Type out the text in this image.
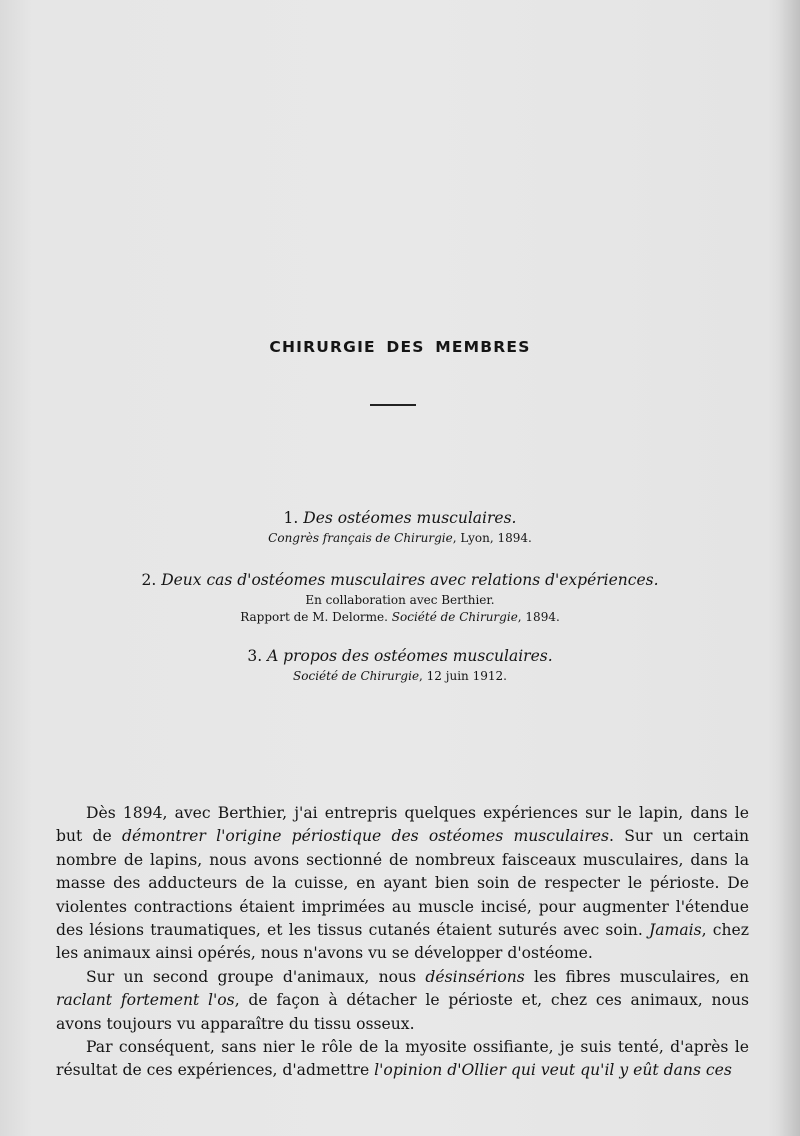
CHIRURGIE DES MEMBRES

1. Des ostéomes musculaires.

Congrès français de Chirurgie, Lyon, 1894.

2. Deux cas d'ostéomes musculaires avec relations d'expériences.

En collaboration avec Berthier.

Rapport de M. Delorme. Société de Chirurgie, 1894.

3. A propos des ostéomes musculaires.

Société de Chirurgie, 12 juin 1912.

Dès 1894, avec Berthier, j'ai entrepris quelques expériences sur le lapin, dans le but de démontrer l'origine périostique des ostéomes musculaires. Sur un certain nombre de lapins, nous avons sectionné de nombreux faisceaux musculaires, dans la masse des adducteurs de la cuisse, en ayant bien soin de respecter le périoste. De violentes contractions étaient imprimées au muscle incisé, pour augmenter l'étendue des lésions traumatiques, et les tissus cutanés étaient suturés avec soin. Jamais, chez les animaux ainsi opérés, nous n'avons vu se développer d'ostéome.

Sur un second groupe d'animaux, nous désinsérions les fibres musculaires, en raclant fortement l'os, de façon à détacher le périoste et, chez ces animaux, nous avons toujours vu apparaître du tissu osseux.

Par conséquent, sans nier le rôle de la myosite ossifiante, je suis tenté, d'après le résultat de ces expériences, d'admettre l'opinion d'Ollier qui veut qu'il y eût dans ces
